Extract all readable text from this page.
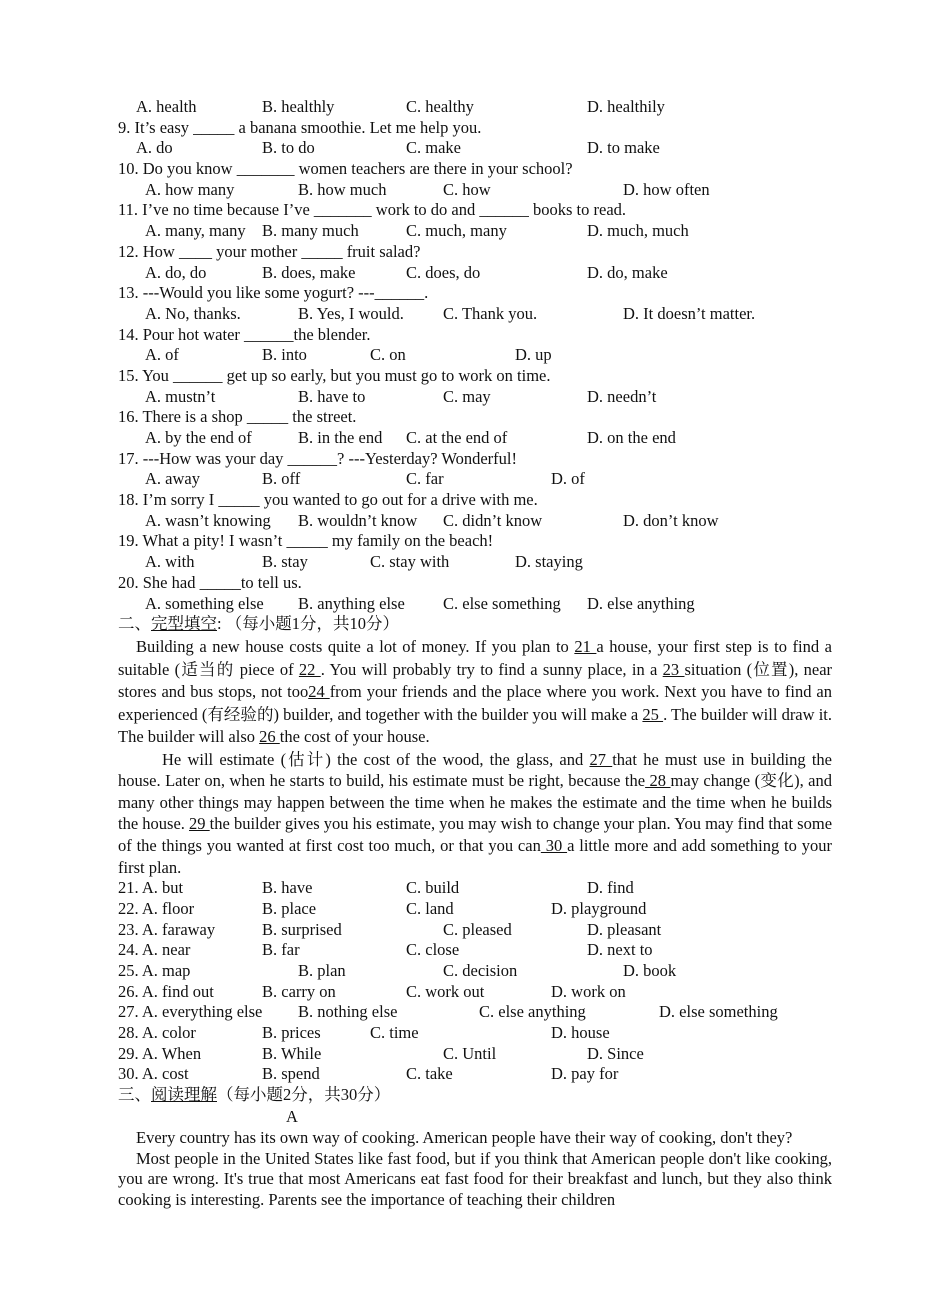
A. health	B. healthly	C. healthy	D. healthily
9. It’s easy _____ a banana smoothie. Let me help you.
A. do	B. to do	C. make	D. to make
10. Do you know _______ women teachers are there in your school?
A. how many	B. how much	C. how	D. how often
11. I’ve no time because I’ve _______ work to do and ______ books to read.
A. many, many B. many much	C. much, many	D. much, much
12. How ____ your mother _____ fruit salad?
A. do, do	B. does, make	C. does, do	D. do, make
13. ---Would you like some yogurt? ---______.
A. No, thanks.	B. Yes, I would. C. Thank you.	D. It doesn’t matter.
14. Pour hot water ______the blender.
A. of	B. into	C. on	D. up
15. You ______ get up so early, but you must go to work on time.
A. mustn’t	B. have to	C. may	D. needn’t
16. There is a shop _____ the street.
A. by the end of	B. in the end C. at the end of	D. on the end
17. ---How was your day ______? ---Yesterday? Wonderful!
A. away	B. off	C. far	D. of
18. I’m sorry I _____ you wanted to go out for a drive with me.
A. wasn’t knowing B. wouldn’t know C. didn’t know	D. don’t know
19. What a pity! I wasn’t _____ my family on the beach!
A. with	B. stay	C. stay with	D. staying
20. She had _____to tell us.
A. something else B. anything else C. else something D. else anything
二、完型填空: （每小题1分，共10分）

Building a new house costs quite a lot of money. If you plan to 21 a house, your first step is to find a suitable (适当的 piece of 22 . You will probably try to find a sunny place, in a 23 situation (位置), near stores and bus stops, not too24 from your friends and the place where you work. Next you have to find an experienced (有经验的) builder, and together with the builder you will make a 25 . The builder will draw it. The builder will also 26 the cost of your house.

He will estimate (估计) the cost of the wood, the glass, and 27 that he must use in building the house. Later on, when he starts to build, his estimate must be right, because the 28 may change (变化), and many other things may happen between the time when he makes the estimate and the time when he builds the house. 29 the builder gives you his estimate, you may wish to change your plan. You may find that some of the things you wanted at first cost too much, or that you can 30 a little more and add something to your first plan.

21. A. but	B. have	C. build	D. find
22. A. floor	B. place	C. land	D. playground
23. A. faraway	B. surprised	C. pleased	D. pleasant
24. A. near	B. far	C. close	D. next to
25. A. map	B. plan	C. decision	D. book
26. A. find out	B. carry on	C. work out	D. work on
27. A. everything else B. nothing else	C. else anything	D. else something
28. A. color	B. prices	C. time	D. house
29. A. When	B. While	C. Until	D. Since
30. A. cost	B. spend	C. take	D. pay for
三、阅读理解（每小题2分，共30分）
A

Every country has its own way of cooking. American people have their way of cooking, don't they?

Most people in the United States like fast food, but if you think that American people don't like cooking, you are wrong. It's true that most Americans eat fast food for their breakfast and lunch, but they also think cooking is interesting. Parents see the importance of teaching their children
